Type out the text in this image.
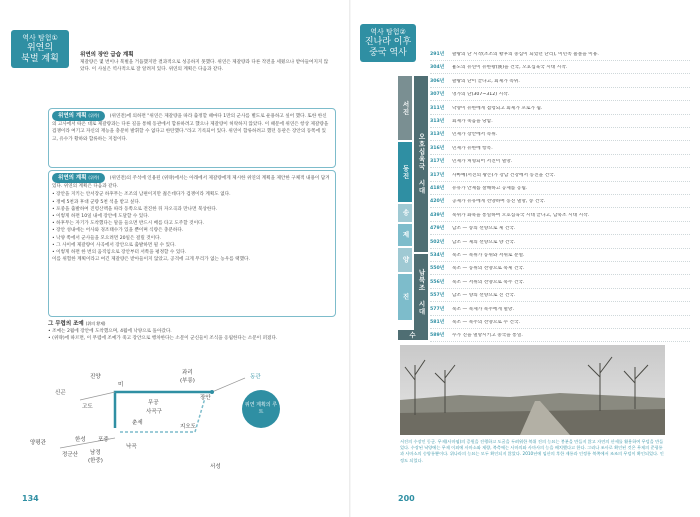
역사 탐험①
위연의
북벌 계획	위연의 장안 급습 계획
제갈량은 몇 번이나 북벌을 거듭했지만 결과적으로 성공하지 못했다. 위연은 제갈량과 다른 작전을 세웠으나 받아들여지지 않았다. 이 사실은 역사적으로 잘 알려져 있다. 위연의 계획은 다음과 같다.
위연의 계획 (위략) (위연전)에 의하면 "위연은 제갈량을 따라 출정할 때마다 1만의 군사를 별도로 운용하고 싶어 했다. 또한 한신의 고사에서 따온 대로 제갈량과는 다른 길을 통해 동관에서 합류하려고 했으나 제갈량이 허락하지 않았다. 이 때문에 위연은 항상 제갈량을 겁쟁이라 여기고 자신의 재능을 충분히 발휘할 수 없다고 한탄했다."라고 기록되어 있다. 위연이 합류하려고 했던 동관은 장안의 동쪽에 있고, 유수가 황하와 합류하는 지점이다.
위연의 계획 (위략) (위연전)의 주석에 인용된 (위략)에서는 아래에서 제갈량에게 제시한 위연의 계획을 제안한 구체적 내용이 담겨 있다. 위연의 계획은 다음과 같다.
• 장안을 지키는 안서장군 하후무는 조조의 남편이지만 젊은데다가 겁쟁이라 계획도 없다.
• 정예 5천과 후대 군량 5천 석을 받고 싶다.
• 포중을 출발하여 진령산맥을 따라 동쪽으로 전진한 뒤 자오곡과 만나면 북상한다.
• 이렇게 하면 10일 내에 장안에 도달할 수 있다.
• 하후무는 자기가 도착했다는 말을 들으면 반드시 배를 타고 도주할 것이다.
• 장안 성내에는 어사와 경조태수가 있을 뿐이며 식량은 충분하다.
• 낙양 쪽에서 군사들을 모으려면 20일은 걸릴 것이다.
• 그 사이에 제갈량이 사곡에서 장안으로 출발하면 될 수 있다.
• 이렇게 하면 한 번의 움직임으로 장안부터 서쪽을 평정할 수 있다.
이를 위험한 계획이라고 여긴 제갈량은 받아들이지 않았고, 공격에 크게 무리가 없는 농우를 택했다.
그 무렵의 조예 (위의 황제)
• 조예는 2월에 장안에 도착했으며, 4월에 낙양으로 돌아갔다.
• (위략)에 따르면, 이 무렵에 조예가 죽고 장안으로 행차한다는 소문이 군신들이 조식을 옹립한다는 소문이 퍼졌다.
진양
신곤
미
고도
무공
사곡구
과리
(부릉)
장안
동관
춘세
지오도
양평관	한성 포중
정군산 남정
(한중)
낙곡
서성
위연 계획의 루트
134
역사 탐험②
진나라 이후
중국 역사
서진
오호십육국 시대
동진
송
제
양
진 남북조 시대
수
291년	팔왕의 난 시작(조조의 황후의 중심이 되었던 난리), 이민족 흉볼을 이용.
304년	흉노의 유연이 유한왕(漢)을 건국, 오호십육국 시대 시작.
306년	팔왕의 난이 끝나고, 회제가 즉위.
307년	영가의 난(307~312) 시작.
311년	낙양이 유한에게 점령되고 회제가 포로가 됨.
313년	회제가 죽음을 당함.
313년	민제가 장안에서 즉위.
316년	민제가 유한에 항복.
317년	민제가 처형되어 서진이 멸망.
317년	사마예(서진의 왕손)가 강남 건강에서 동진을 건국.
418년	유유가 안제를 살해하고 공제를 옹립.
420년	공제가 유유에게 선양하여 동진 멸망, 송 건국.
439년	북위가 화북을 통일하여 오호십육국 시대 끝나고, 남북조 시대 시작.
479년	남조 — 송의 선양으로 제 건국.
502년	남조 — 제의 선양으로 양 건국.
534년	북조 — 북위가 동위와 서위로 분열.
550년	북조 — 동위의 선양으로 북제 건국.
556년	북조 — 서위의 선양으로 북주 건국.
557년	남조 — 양의 선양으로 진 건국.
577년	북조 — 북제가 북주에게 멸망.
581년	북조 — 북주의 선양으로 수 건국.
589년	수가 진을 멸망시키고 중국을 통일.
200
서진의 수장인 동군. 무제(사마염)의 증원을 진행하고 도굴을 두려워한 북위 진의 능묘는 봉분을 만들지 않고 자연의 산세를 활용하여 무덤을 만들었다. 수장된 낙양에는 무제 이외에 사마소와 제량, 북측에는 사마의와 사마사의 능을 배치했다고 한다. 그러나 조사로 확인된 것은 무제의 준평릉과 사마소의 숭양릉뿐이다. 위나라의 능묘는 모두 확인되지 않았다. 2010년에 임산의 후한 제릉과 인정릉 북쪽에서 조조의 무덤이 확인되었다. 인정도 되었다.
